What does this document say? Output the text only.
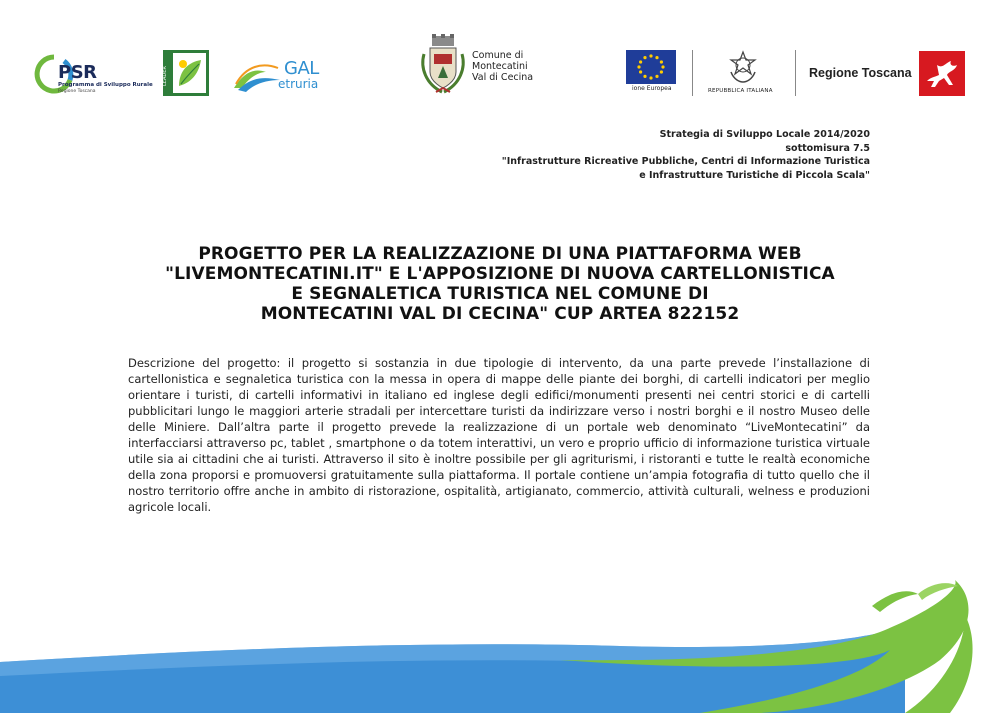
PSR
Programma di Sviluppo Rurale
Regione Toscana
LEADER	GAL
etruria
Comune di
Montecatini
Val di Cecina
ione Europea	REPUBBLICA ITALIANA
Regione Toscana
Strategia di Sviluppo Locale 2014/2020
sottomisura 7.5
"Infrastrutture Ricreative Pubbliche, Centri di Informazione Turistica
e Infrastrutture Turistiche di Piccola Scala"
PROGETTO PER LA REALIZZAZIONE DI UNA PIATTAFORMA WEB
"LIVEMONTECATINI.IT" E L'APPOSIZIONE DI NUOVA CARTELLONISTICA
E SEGNALETICA TURISTICA NEL COMUNE DI
MONTECATINI VAL DI CECINA" CUP ARTEA 822152
Descrizione del progetto: il progetto si sostanzia in due tipologie di intervento, da una parte prevede l’installazione di cartellonistica e segnaletica turistica con la messa in opera di mappe delle piante dei borghi, di cartelli indicatori per meglio orientare i turisti, di cartelli informativi in italiano ed inglese degli edifici/monumenti presenti nei centri storici e di cartelli pubblicitari lungo le maggiori arterie stradali per intercettare turisti da indirizzare verso i nostri borghi e il nostro Museo delle delle Miniere. Dall’altra parte il progetto prevede la realizzazione di un portale web denominato “LiveMontecatini” da interfacciarsi attraverso pc, tablet , smartphone o da totem interattivi, un vero e proprio ufficio di informazione turistica virtuale utile sia ai cittadini che ai turisti. Attraverso il sito è inoltre possibile per gli agriturismi, i ristoranti e tutte le realtà economiche della zona proporsi e promuoversi gratuitamente sulla piattaforma. Il portale contiene un’ampia fotografia di tutto quello che il nostro territorio offre anche in ambito di ristorazione, ospitalità, artigianato, commercio, attività culturali, welness e produzioni agricole locali.
